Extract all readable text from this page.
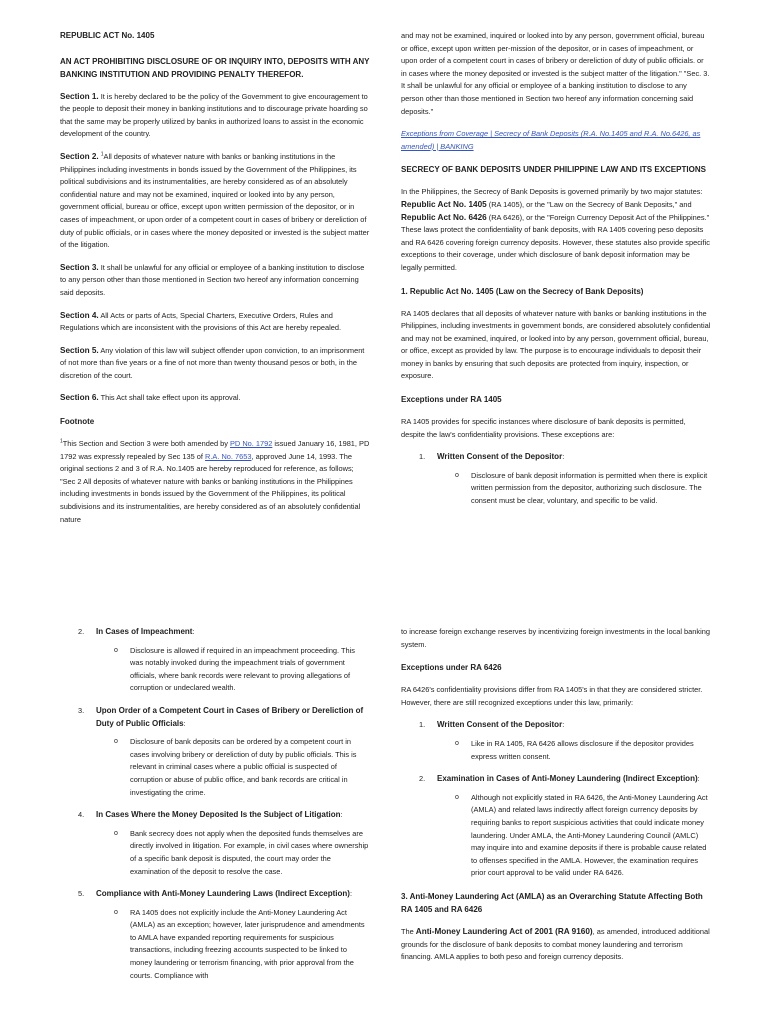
REPUBLIC ACT No. 1405
AN ACT PROHIBITING DISCLOSURE OF OR INQUIRY INTO, DEPOSITS WITH ANY BANKING INSTITUTION AND PROVIDING PENALTY THEREFOR.

Section 1. It is hereby declared to be the policy of the Government to give encouragement to the people to deposit their money in banking institutions and to discourage private hoarding so that the same may be properly utilized by banks in authorized loans to assist in the economic development of the country.

Section 2. $^1$All deposits of whatever nature with banks or banking institutions in the Philippines including investments in bonds issued by the Government of the Philippines, its political subdivisions and its instrumentalities, are hereby considered as of an absolutely confidential nature and may not be examined, inquired or looked into by any person, government official, bureau or office, except upon written permission of the depositor, or in cases of impeachment, or upon order of a competent court in cases of bribery or dereliction of duty of public officials, or in cases where the money deposited or invested is the subject matter of the litigation.

Section 3. It shall be unlawful for any official or employee of a banking institution to disclose to any person other than those mentioned in Section two hereof any information concerning said deposits.

Section 4. All Acts or parts of Acts, Special Charters, Executive Orders, Rules and Regulations which are inconsistent with the provisions of this Act are hereby repealed.

Section 5. Any violation of this law will subject offender upon conviction, to an imprisonment of not more than five years or a fine of not more than twenty thousand pesos or both, in the discretion of the court.

Section 6. This Act shall take effect upon its approval.

Footnote

$^1$This Section and Section 3 were both amended by PD No. 1792 issued January 16, 1981, PD 1792 was expressly repealed by Sec 135 of R.A. No. 7653, approved June 14, 1993. The original sections 2 and 3 of R.A. No.1405 are hereby reproduced for reference, as follows; "Sec 2 All deposits of whatever nature with banks or banking institutions in the Philippines including investments in bonds issued by the Government of the Philippines, its political subdivisions and its instrumentalities, are hereby considered as of an absolutely confidential nature

and may not be examined, inquired or looked into by any person, government official, bureau or office, except upon written per-mission of the depositor, or in cases of impeachment, or upon order of a competent court in cases of bribery or dereliction of duty of public officials. or in cases where the money deposited or invested is the subject matter of the litigation." "Sec. 3. It shall be unlawful for any official or employee of a banking institution to disclose to any person other than those mentioned in Section two hereof any information concerning said deposits."

Exceptions from Coverage | Secrecy of Bank Deposits (R.A. No.1405 and R.A. No.6426, as amended) | BANKING

SECRECY OF BANK DEPOSITS UNDER PHILIPPINE LAW AND ITS EXCEPTIONS

In the Philippines, the Secrecy of Bank Deposits is governed primarily by two major statutes: Republic Act No. 1405 (RA 1405), or the "Law on the Secrecy of Bank Deposits," and Republic Act No. 6426 (RA 6426), or the "Foreign Currency Deposit Act of the Philippines." These laws protect the confidentiality of bank deposits, with RA 1405 covering peso deposits and RA 6426 covering foreign currency deposits. However, these statutes also provide specific exceptions to their coverage, under which disclosure of bank deposit information may be legally permitted.

1. Republic Act No. 1405 (Law on the Secrecy of Bank Deposits)

RA 1405 declares that all deposits of whatever nature with banks or banking institutions in the Philippines, including investments in government bonds, are considered absolutely confidential and may not be examined, inquired, or looked into by any person, government official, bureau, or office, except as provided by law. The purpose is to encourage individuals to deposit their money in banks by ensuring that such deposits are protected from inquiry, inspection, or exposure.

Exceptions under RA 1405

RA 1405 provides for specific instances where disclosure of bank deposits is permitted, despite the law's confidentiality provisions. These exceptions are:

1. Written Consent of the Depositor:
o Disclosure of bank deposit information is permitted when there is explicit written permission from the depositor, authorizing such disclosure. The consent must be clear, voluntary, and specific to be valid.
2. In Cases of Impeachment:
o Disclosure is allowed if required in an impeachment proceeding. This was notably invoked during the impeachment trials of government officials, where bank records were relevant to proving allegations of corruption or undeclared wealth.
3. Upon Order of a Competent Court in Cases of Bribery or Dereliction of Duty of Public Officials:
o Disclosure of bank deposits can be ordered by a competent court in cases involving bribery or dereliction of duty by public officials. This is relevant in criminal cases where a public official is suspected of corruption or abuse of public office, and bank records are critical in investigating the crime.
4. In Cases Where the Money Deposited Is the Subject of Litigation:
o Bank secrecy does not apply when the deposited funds themselves are directly involved in litigation. For example, in civil cases where ownership of a specific bank deposit is disputed, the court may order the examination of the deposit to resolve the case.
5. Compliance with Anti-Money Laundering Laws (Indirect Exception):
o RA 1405 does not explicitly include the Anti-Money Laundering Act (AMLA) as an exception; however, later jurisprudence and amendments to AMLA have expanded reporting requirements for suspicious transactions, including freezing accounts suspected to be linked to money laundering or terrorism financing, with prior approval from the courts. Compliance with

to increase foreign exchange reserves by incentivizing foreign investments in the local banking system.

Exceptions under RA 6426

RA 6426's confidentiality provisions differ from RA 1405's in that they are considered stricter. However, there are still recognized exceptions under this law, primarily:

1. Written Consent of the Depositor:
o Like in RA 1405, RA 6426 allows disclosure if the depositor provides express written consent.
2. Examination in Cases of Anti-Money Laundering (Indirect Exception):
o Although not explicitly stated in RA 6426, the Anti-Money Laundering Act (AMLA) and related laws indirectly affect foreign currency deposits by requiring banks to report suspicious activities that could indicate money laundering. Under AMLA, the Anti-Money Laundering Council (AMLC) may inquire into and examine deposits if there is probable cause related to offenses specified in the AMLA. However, the examination requires prior court approval to be valid under RA 6426.
3. Anti-Money Laundering Act (AMLA) as an Overarching Statute Affecting Both RA 1405 and RA 6426

The Anti-Money Laundering Act of 2001 (RA 9160), as amended, introduced additional grounds for the disclosure of bank deposits to combat money laundering and terrorism financing. AMLA applies to both peso and foreign currency deposits.
